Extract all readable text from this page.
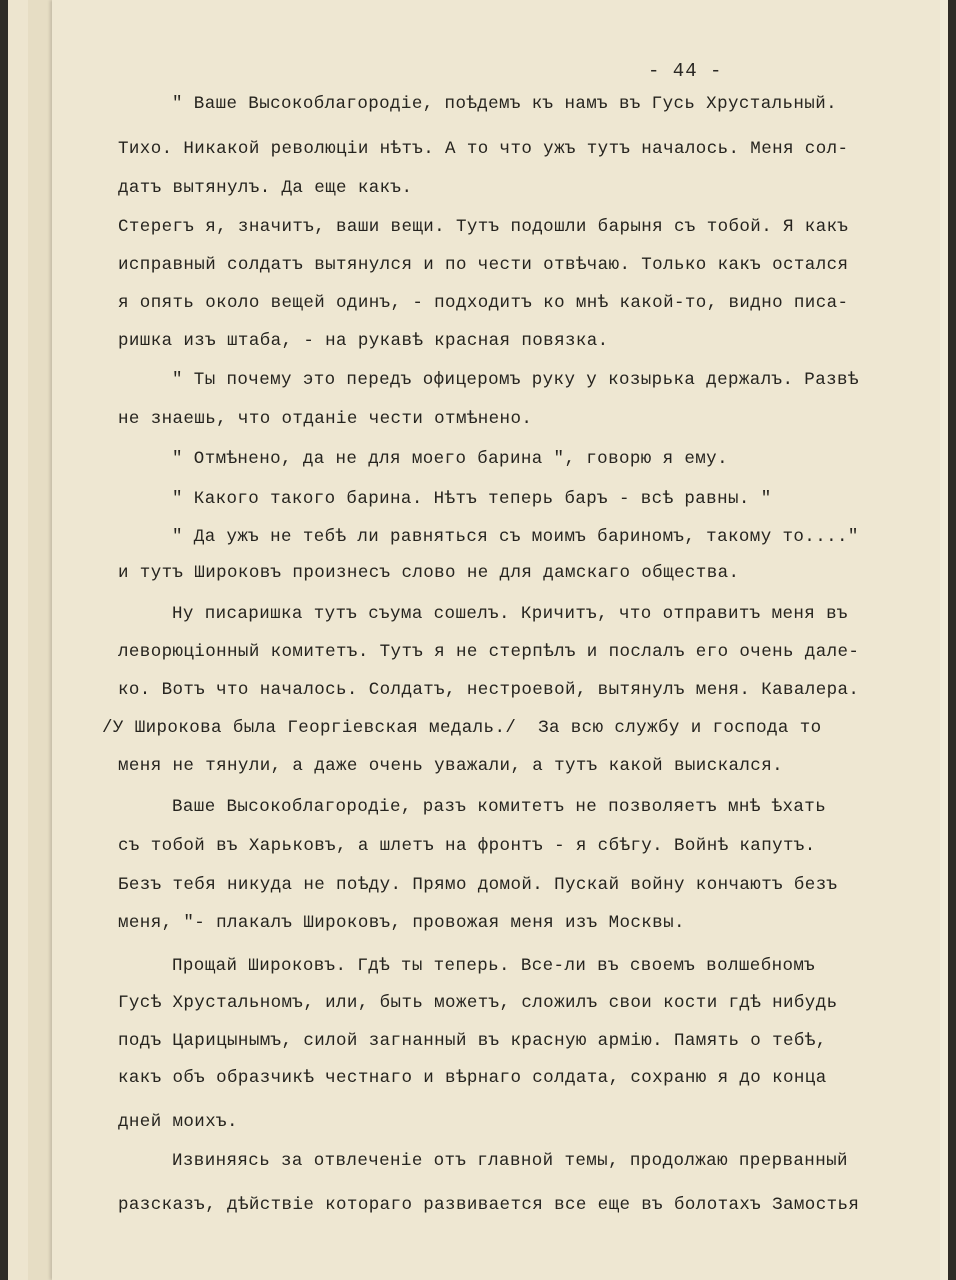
- 44 -
" Ваше Высокоблагородіе, поѣдемъ къ намъ въ Гусь Хрустальный.
Тихо. Никакой революціи нѣтъ. А то что ужъ тутъ началось. Меня сол-
датъ вытянулъ. Да еще какъ.
Стерегъ я, значитъ, ваши вещи. Тутъ подошли барыня съ тобой. Я какъ
исправный солдатъ вытянулся и по чести отвѣчаю. Только какъ остался
я опять около вещей одинъ, - подходитъ ко мнѣ какой-то, видно писа-
ришка изъ штаба, - на рукавѣ красная повязка.
" Ты почему это передъ офицеромъ руку у козырька держалъ. Развѣ
не знаешь, что отданіе чести отмѣнено.
" Отмѣнено, да не для моего барина ", говорю я ему.
" Какого такого барина. Нѣтъ теперь баръ - всѣ равны. "
" Да ужъ не тебѣ ли равняться съ моимъ бариномъ, такому то...."
и тутъ Широковъ произнесъ слово не для дамскаго общества.
Ну писаришка тутъ съума сошелъ. Кричитъ, что отправитъ меня въ
леворюціонный комитетъ. Тутъ я не стерпѣлъ и послалъ его очень дале-
ко. Вотъ что началось. Солдатъ, нестроевой, вытянулъ меня. Кавалера.
/У Широкова была Георгіевская медаль./  За всю службу и господа то
меня не тянули, а даже очень уважали, а тутъ какой выискался.
Ваше Высокоблагородіе, разъ комитетъ не позволяетъ мнѣ ѣхать
съ тобой въ Харьковъ, а шлетъ на фронтъ - я сбѣгу. Войнѣ капутъ.
Безъ тебя никуда не поѣду. Прямо домой. Пускай войну кончаютъ безъ
меня, "- плакалъ Широковъ, провожая меня изъ Москвы.
Прощай Широковъ. Гдѣ ты теперь. Все-ли въ своемъ волшебномъ
Гусѣ Хрустальномъ, или, быть можетъ, сложилъ свои кости гдѣ нибудь
подъ Царицынымъ, силой загнанный въ красную армію. Память о тебѣ,
какъ объ образчикѣ честнаго и вѣрнаго солдата, сохраню я до конца
дней моихъ.
Извиняясь за отвлеченіе отъ главной темы, продолжаю прерванный
разсказъ, дѣйствіе котораго развивается все еще въ болотахъ Замостья
